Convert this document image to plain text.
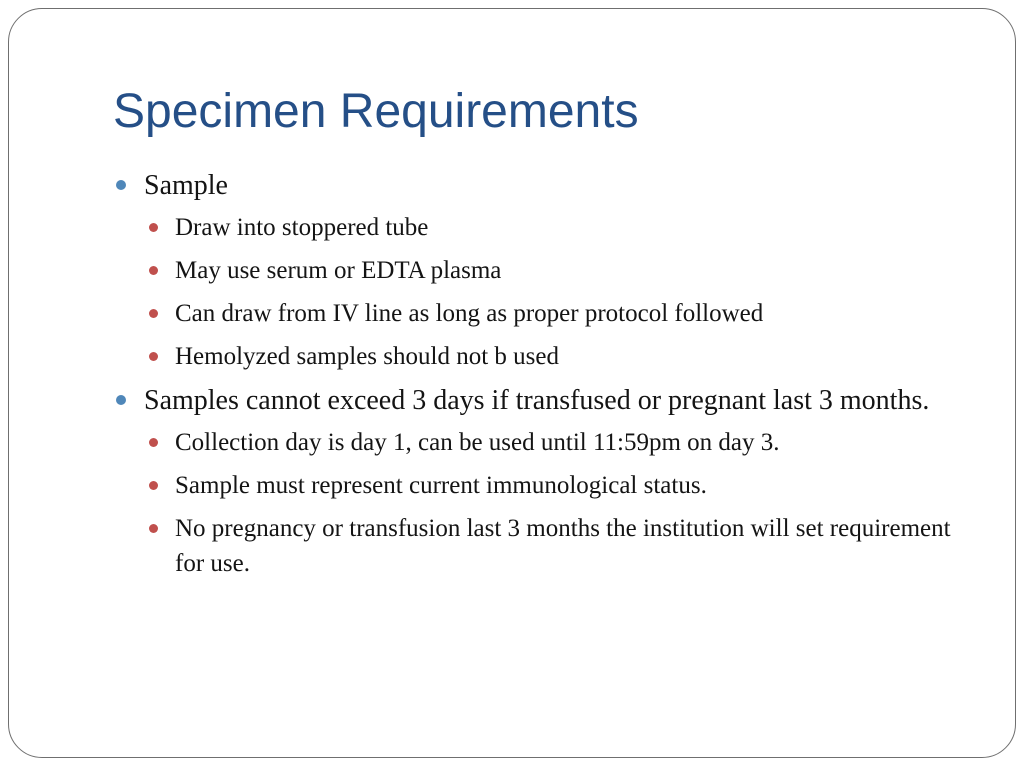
Specimen Requirements
Sample
Draw into stoppered tube
May use serum or EDTA plasma
Can draw from IV line as long as proper protocol followed
Hemolyzed samples should not b used
Samples cannot exceed 3 days if transfused or pregnant last 3 months.
Collection day is day 1, can be used until 11:59pm on day 3.
Sample must represent current immunological status.
No pregnancy or transfusion last 3 months the institution will set requirement for use.
